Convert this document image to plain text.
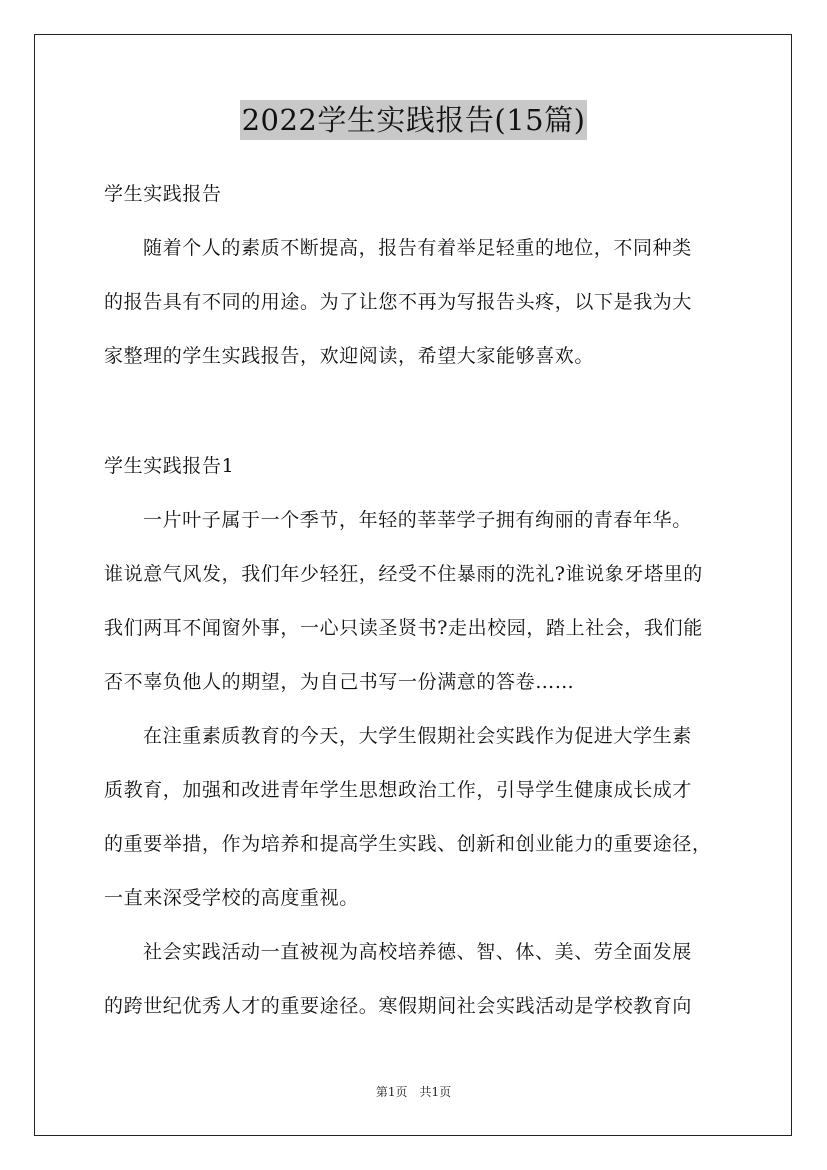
2022学生实践报告(15篇)
学生实践报告
随着个人的素质不断提高，报告有着举足轻重的地位，不同种类
的报告具有不同的用途。为了让您不再为写报告头疼，以下是我为大
家整理的学生实践报告，欢迎阅读，希望大家能够喜欢。
学生实践报告1
一片叶子属于一个季节，年轻的莘莘学子拥有绚丽的青春年华。
谁说意气风发，我们年少轻狂，经受不住暴雨的洗礼?谁说象牙塔里的
我们两耳不闻窗外事，一心只读圣贤书?走出校园，踏上社会，我们能
否不辜负他人的期望，为自己书写一份满意的答卷……
在注重素质教育的今天，大学生假期社会实践作为促进大学生素
质教育，加强和改进青年学生思想政治工作，引导学生健康成长成才
的重要举措，作为培养和提高学生实践、创新和创业能力的重要途径，
一直来深受学校的高度重视。
社会实践活动一直被视为高校培养德、智、体、美、劳全面发展
的跨世纪优秀人才的重要途径。寒假期间社会实践活动是学校教育向
第1页　共1页
